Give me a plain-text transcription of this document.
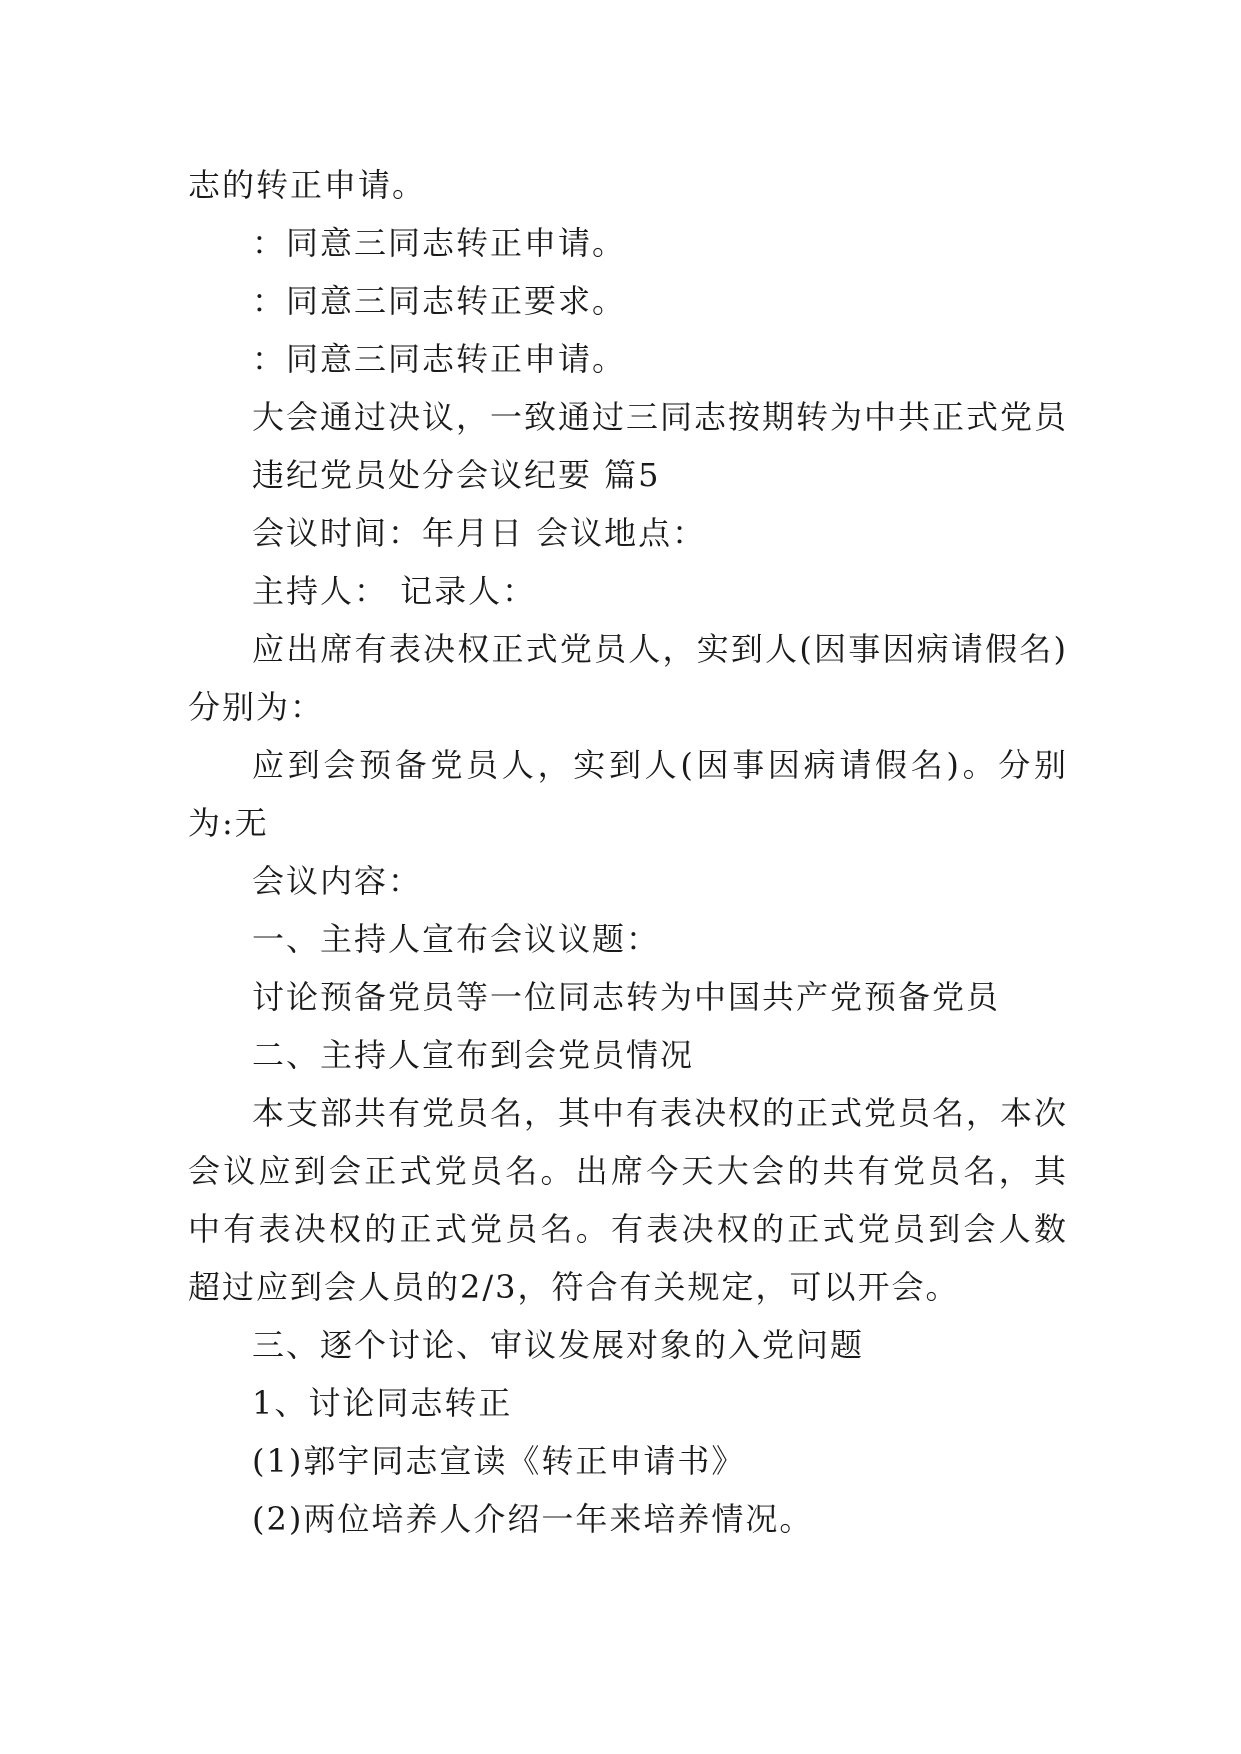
志的转正申请。

：同意三同志转正申请。

：同意三同志转正要求。

：同意三同志转正申请。

大会通过决议，一致通过三同志按期转为中共正式党员

违纪党员处分会议纪要 篇5

会议时间：年月日 会议地点：

主持人： 记录人：

应出席有表决权正式党员人，实到人(因事因病请假名)分别为：

应到会预备党员人，实到人(因事因病请假名)。分别为:无

会议内容：

一、主持人宣布会议议题：

讨论预备党员等一位同志转为中国共产党预备党员

二、主持人宣布到会党员情况

本支部共有党员名，其中有表决权的正式党员名，本次会议应到会正式党员名。出席今天大会的共有党员名，其中有表决权的正式党员名。有表决权的正式党员到会人数超过应到会人员的2/3，符合有关规定，可以开会。

三、逐个讨论、审议发展对象的入党问题

1、讨论同志转正

(1)郭宇同志宣读《转正申请书》

(2)两位培养人介绍一年来培养情况。
